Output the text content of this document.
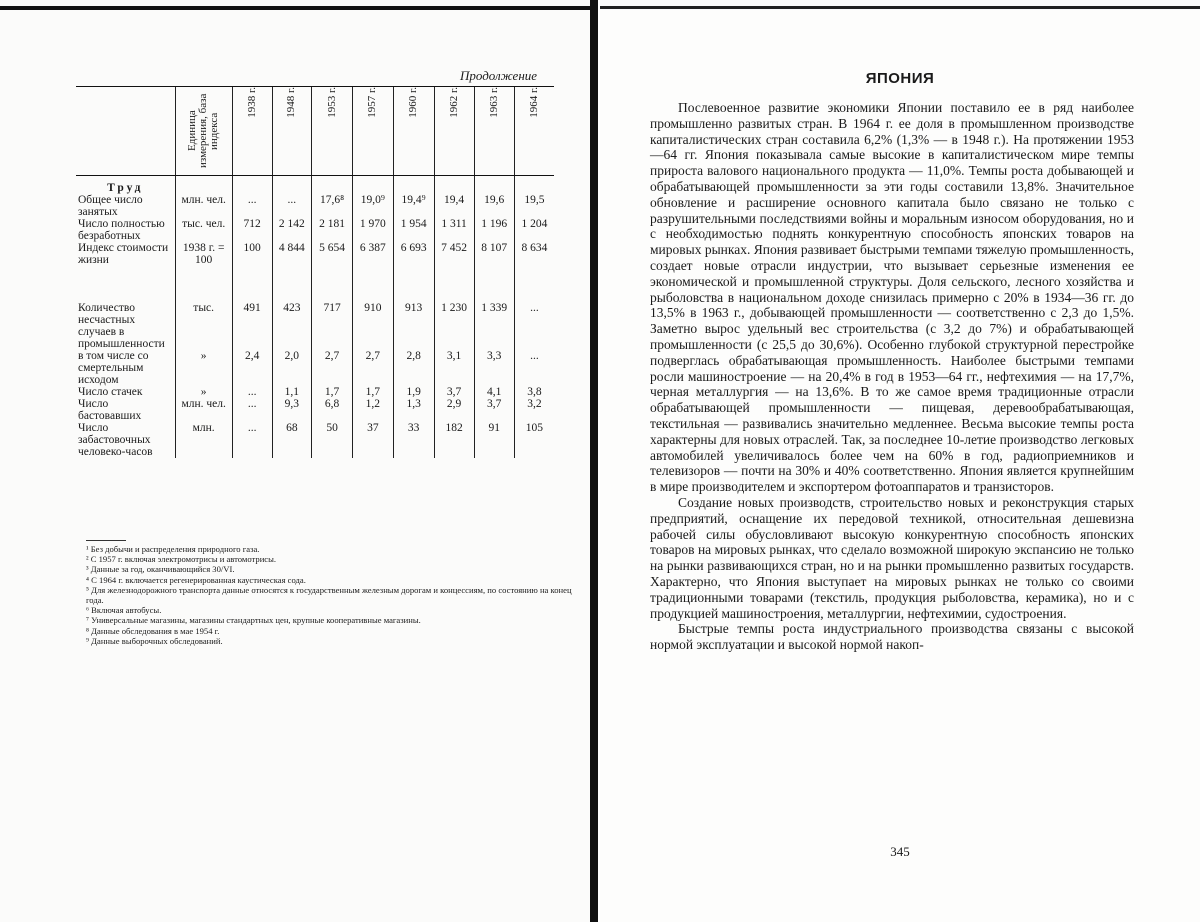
Продолжение

Единица измерения, база индекса

1938 г.	1948 г.	1953 г.	1957 г.	1960 г.	1962 г.	1963 г.	1964 г.

Труд									
Общее число занятых	млн. чел.	...	...	17,6⁸	19,0⁹	19,4⁹	19,4	19,6	19,5
Число полностью безработных	тыс. чел.	712	2 142	2 181	1 970	1 954	1 311	1 196	1 204
Индекс стоимости жизни	1938 г. = 100	100	4 844	5 654	6 387	6 693	7 452	8 107	8 634

Количество несчастных случаев в промышленности	тыс.	491	423	717	910	913	1 230	1 339	...
в том числе со смертельным исходом	»	2,4	2,0	2,7	2,7	2,8	3,1	3,3	...
Число стачек	»	...	1,1	1,7	1,7	1,9	3,7	4,1	3,8
Число бастовавших	млн. чел.	...	9,3	6,8	1,2	1,3	2,9	3,7	3,2
Число забастовочных человеко-часов	млн.	...	68	50	37	33	182	91	105
¹ Без добычи и распределения природного газа.
² С 1957 г. включая электромотрисы и автомотрисы.
³ Данные за год, оканчивающийся 30/VI.
⁴ С 1964 г. включается регенерированная каустическая сода.
⁵ Для железнодорожного транспорта данные относятся к государственным железным дорогам и концессиям, по состоянию на конец года.
⁶ Включая автобусы.
⁷ Универсальные магазины, магазины стандартных цен, крупные кооперативные магазины.
⁸ Данные обследования в мае 1954 г.
⁹ Данные выборочных обследований.
ЯПОНИЯ

Послевоенное развитие экономики Японии поставило ее в ряд наиболее промышленно развитых стран. В 1964 г. ее доля в промышленном производстве капиталистических стран составила 6,2% (1,3% — в 1948 г.). На протяжении 1953—64 гг. Япония показывала самые высокие в капиталистическом мире темпы прироста валового национального продукта — 11,0%. Темпы роста добывающей и обрабатывающей промышленности за эти годы составили 13,8%. Значительное обновление и расширение основного капитала было связано не только с разрушительными последствиями войны и моральным износом оборудования, но и с необходимостью поднять конкурентную способность японских товаров на мировых рынках. Япония развивает быстрыми темпами тяжелую промышленность, создает новые отрасли индустрии, что вызывает серьезные изменения ее экономической и промышленной структуры. Доля сельского, лесного хозяйства и рыболовства в национальном доходе снизилась примерно с 20% в 1934—36 гг. до 13,5% в 1963 г., добывающей промышленности — соответственно с 2,3 до 1,5%. Заметно вырос удельный вес строительства (с 3,2 до 7%) и обрабатывающей промышленности (с 25,5 до 30,6%). Особенно глубокой структурной перестройке подверглась обрабатывающая промышленность. Наиболее быстрыми темпами росли машиностроение — на 20,4% в год в 1953—64 гг., нефтехимия — на 17,7%, черная металлургия — на 13,6%. В то же самое время традиционные отрасли обрабатывающей промышленности — пищевая, деревообрабатывающая, текстильная — развивались значительно медленнее. Весьма высокие темпы роста характерны для новых отраслей. Так, за последнее 10-летие производство легковых автомобилей увеличивалось более чем на 60% в год, радиоприемников и телевизоров — почти на 30% и 40% соответственно. Япония является крупнейшим в мире производителем и экспортером фотоаппаратов и транзисторов.

Создание новых производств, строительство новых и реконструкция старых предприятий, оснащение их передовой техникой, относительная дешевизна рабочей силы обусловливают высокую конкурентную способность японских товаров на мировых рынках, что сделало возможной широкую экспансию не только на рынки развивающихся стран, но и на рынки промышленно развитых государств. Характерно, что Япония выступает на мировых рынках не только со своими традиционными товарами (текстиль, продукция рыболовства, керамика), но и с продукцией машиностроения, металлургии, нефтехимии, судостроения.

Быстрые темпы роста индустриального производства связаны с высокой нормой эксплуатации и высокой нормой накоп-

345
